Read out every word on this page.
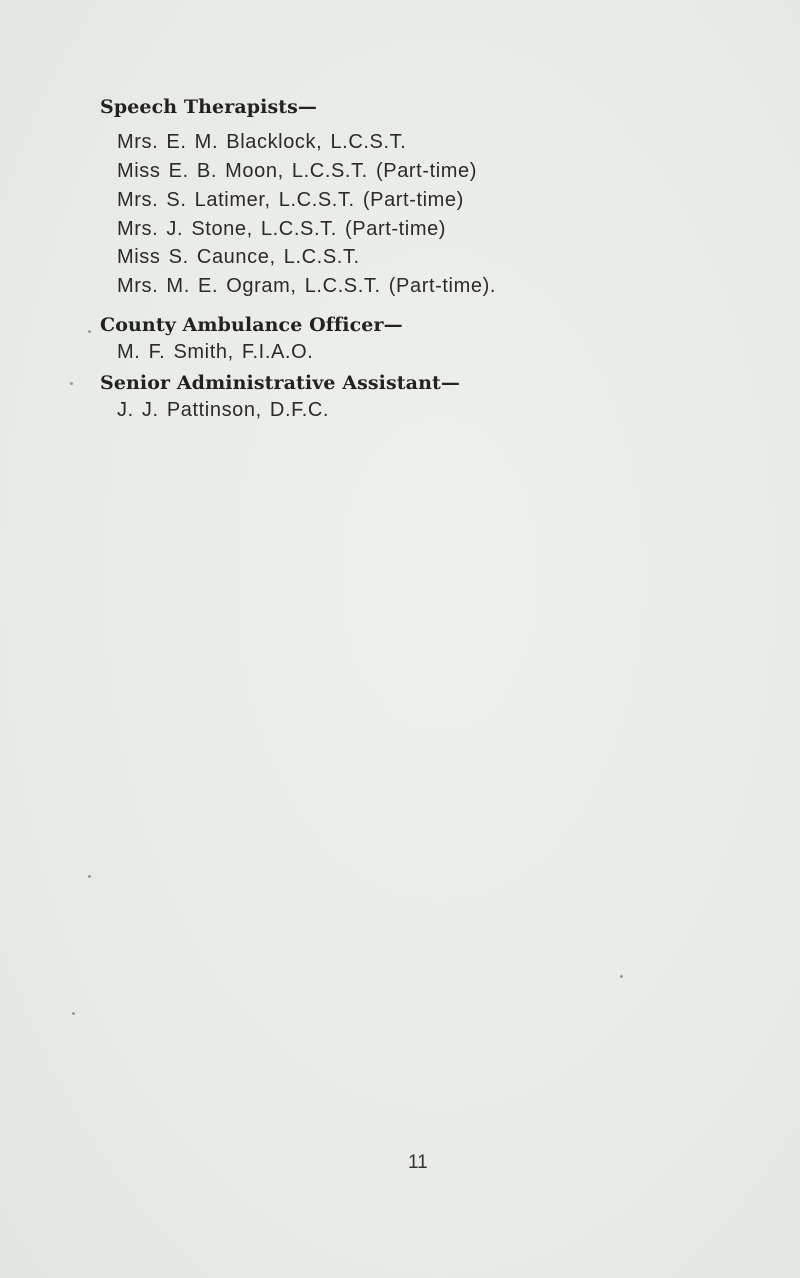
Speech Therapists—
Mrs. E. M. Blacklock, L.C.S.T.
Miss E. B. Moon, L.C.S.T. (Part-time)
Mrs. S. Latimer, L.C.S.T. (Part-time)
Mrs. J. Stone, L.C.S.T. (Part-time)
Miss S. Caunce, L.C.S.T.
Mrs. M. E. Ogram, L.C.S.T. (Part-time).
County Ambulance Officer—
M. F. Smith, F.I.A.O.
Senior Administrative Assistant—
J. J. Pattinson, D.F.C.
11
